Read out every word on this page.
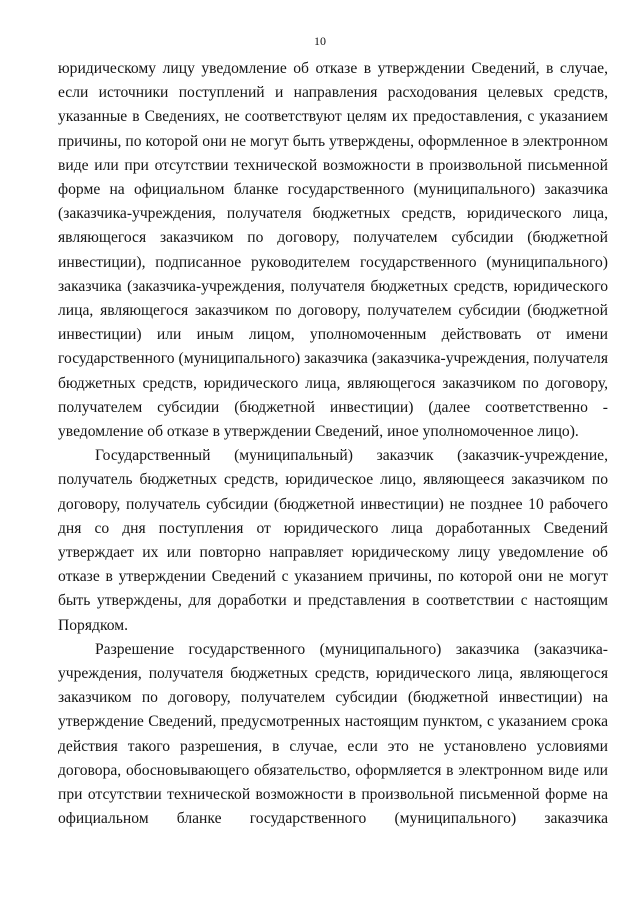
10

юридическому лицу уведомление об отказе в утверждении Сведений, в случае, если источники поступлений и направления расходования целевых средств, указанные в Сведениях, не соответствуют целям их предоставления, с указанием причины, по которой они не могут быть утверждены, оформленное в электронном виде или при отсутствии технической возможности в произвольной письменной форме на официальном бланке государственного (муниципального) заказчика (заказчика-учреждения, получателя бюджетных средств, юридического лица, являющегося заказчиком по договору, получателем субсидии (бюджетной инвестиции), подписанное руководителем государственного (муниципального) заказчика (заказчика-учреждения, получателя бюджетных средств, юридического лица, являющегося заказчиком по договору, получателем субсидии (бюджетной инвестиции) или иным лицом, уполномоченным действовать от имени государственного (муниципального) заказчика (заказчика-учреждения, получателя бюджетных средств, юридического лица, являющегося заказчиком по договору, получателем субсидии (бюджетной инвестиции) (далее соответственно - уведомление об отказе в утверждении Сведений, иное уполномоченное лицо).

Государственный (муниципальный) заказчик (заказчик-учреждение, получатель бюджетных средств, юридическое лицо, являющееся заказчиком по договору, получатель субсидии (бюджетной инвестиции) не позднее 10 рабочего дня со дня поступления от юридического лица доработанных Сведений утверждает их или повторно направляет юридическому лицу уведомление об отказе в утверждении Сведений с указанием причины, по которой они не могут быть утверждены, для доработки и представления в соответствии с настоящим Порядком.

Разрешение государственного (муниципального) заказчика (заказчика-учреждения, получателя бюджетных средств, юридического лица, являющегося заказчиком по договору, получателем субсидии (бюджетной инвестиции) на утверждение Сведений, предусмотренных настоящим пунктом, с указанием срока действия такого разрешения, в случае, если это не установлено условиями договора, обосновывающего обязательство, оформляется в электронном виде или при отсутствии технической возможности в произвольной письменной форме на официальном бланке государственного (муниципального) заказчика
